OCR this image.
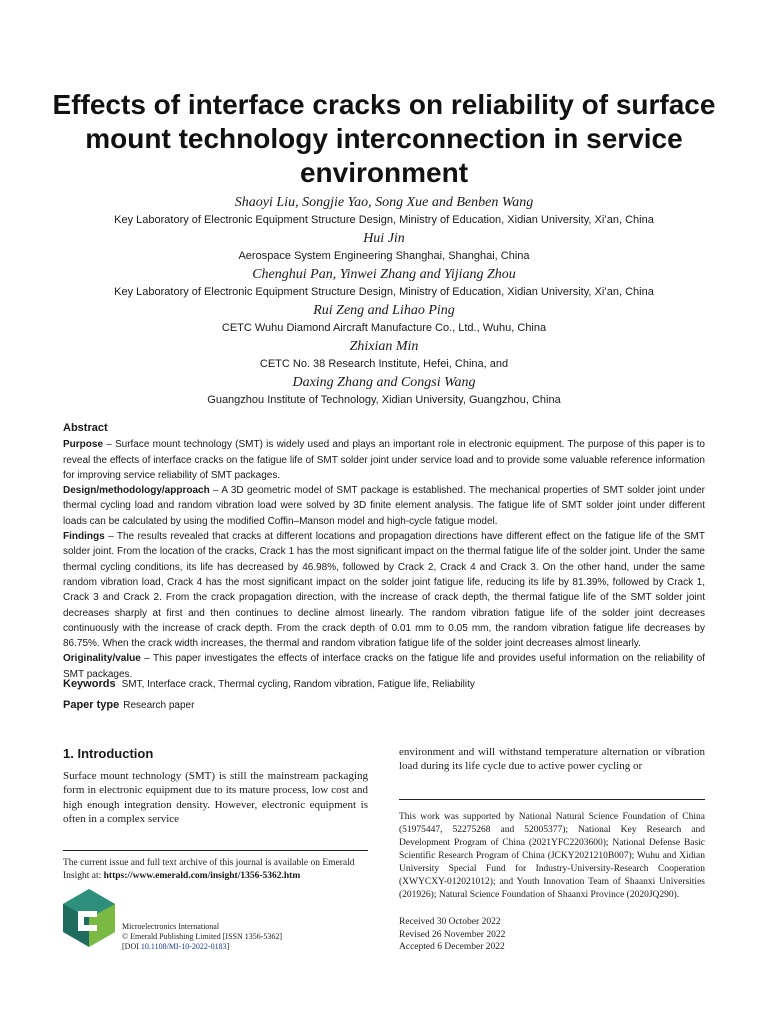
Effects of interface cracks on reliability of surface mount technology interconnection in service environment
Shaoyi Liu, Songjie Yao, Song Xue and Benben Wang
Key Laboratory of Electronic Equipment Structure Design, Ministry of Education, Xidian University, Xi’an, China
Hui Jin
Aerospace System Engineering Shanghai, Shanghai, China
Chenghui Pan, Yinwei Zhang and Yijiang Zhou
Key Laboratory of Electronic Equipment Structure Design, Ministry of Education, Xidian University, Xi’an, China
Rui Zeng and Lihao Ping
CETC Wuhu Diamond Aircraft Manufacture Co., Ltd., Wuhu, China
Zhixian Min
CETC No. 38 Research Institute, Hefei, China, and
Daxing Zhang and Congsi Wang
Guangzhou Institute of Technology, Xidian University, Guangzhou, China
Abstract

Purpose – Surface mount technology (SMT) is widely used and plays an important role in electronic equipment. The purpose of this paper is to reveal the effects of interface cracks on the fatigue life of SMT solder joint under service load and to provide some valuable reference information for improving service reliability of SMT packages.

Design/methodology/approach – A 3D geometric model of SMT package is established. The mechanical properties of SMT solder joint under thermal cycling load and random vibration load were solved by 3D finite element analysis. The fatigue life of SMT solder joint under different loads can be calculated by using the modified Coffin–Manson model and high-cycle fatigue model.

Findings – The results revealed that cracks at different locations and propagation directions have different effect on the fatigue life of the SMT solder joint. From the location of the cracks, Crack 1 has the most significant impact on the thermal fatigue life of the solder joint. Under the same thermal cycling conditions, its life has decreased by 46.98%, followed by Crack 2, Crack 4 and Crack 3. On the other hand, under the same random vibration load, Crack 4 has the most significant impact on the solder joint fatigue life, reducing its life by 81.39%, followed by Crack 1, Crack 3 and Crack 2. From the crack propagation direction, with the increase of crack depth, the thermal fatigue life of the SMT solder joint decreases sharply at first and then continues to decline almost linearly. The random vibration fatigue life of the solder joint decreases continuously with the increase of crack depth. From the crack depth of 0.01 mm to 0.05 mm, the random vibration fatigue life decreases by 86.75%. When the crack width increases, the thermal and random vibration fatigue life of the solder joint decreases almost linearly.

Originality/value – This paper investigates the effects of interface cracks on the fatigue life and provides useful information on the reliability of SMT packages.

Keywords SMT, Interface crack, Thermal cycling, Random vibration, Fatigue life, Reliability
Paper type Research paper
1. Introduction

Surface mount technology (SMT) is still the mainstream packaging form in electronic equipment due to its mature process, low cost and high enough integration density. However, electronic equipment is often in a complex service

The current issue and full text archive of this journal is available on Emerald Insight at: https://www.emerald.com/insight/1356-5362.htm
Microelectronics International
© Emerald Publishing Limited [ISSN 1356-5362]
[DOI 10.1108/MI-10-2022-0183]

environment and will withstand temperature alternation or vibration load during its life cycle due to active power cycling or

This work was supported by National Natural Science Foundation of China (51975447, 52275268 and 52005377); National Key Research and Development Program of China (2021YFC2203600); National Defense Basic Scientific Research Program of China (JCKY2021210B007); Wuhu and Xidian University Special Fund for Industry-University-Research Cooperation (XWYCXY-012021012); and Youth Innovation Team of Shaanxi Universities (201926); Natural Science Foundation of Shaanxi Province (2020JQ290).

Received 30 October 2022
Revised 26 November 2022
Accepted 6 December 2022
